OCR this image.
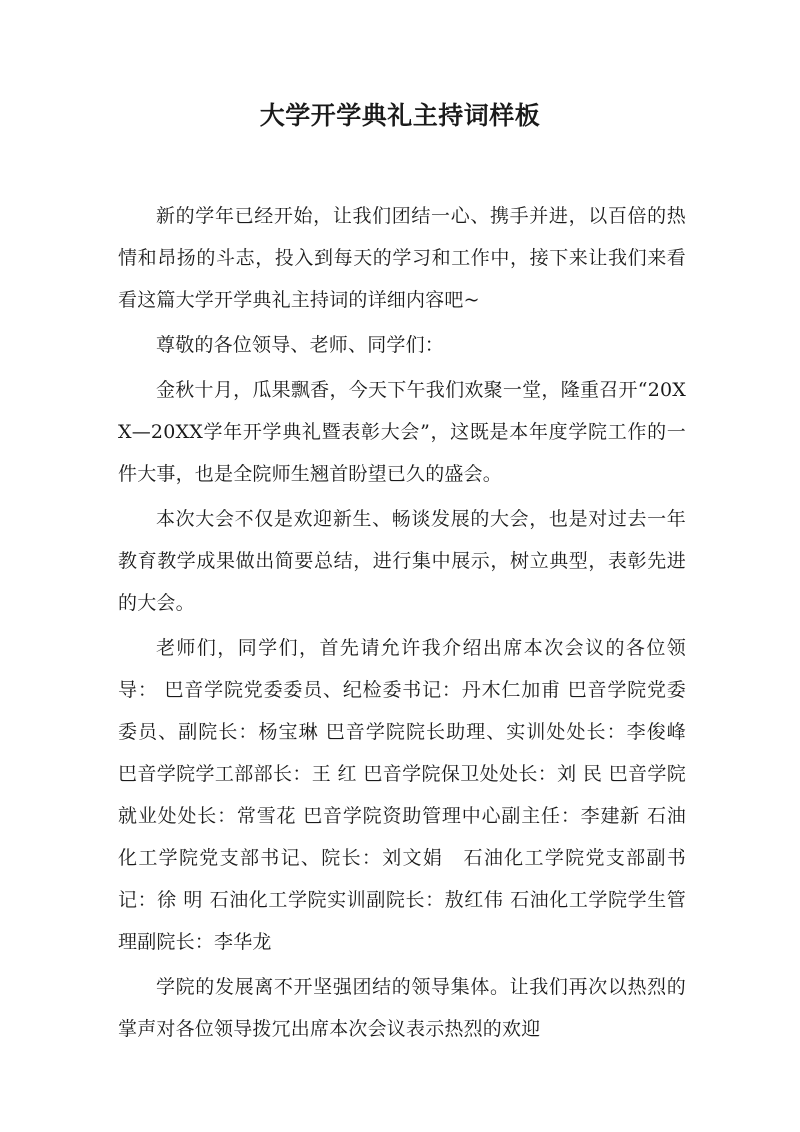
大学开学典礼主持词样板

新的学年已经开始，让我们团结一心、携手并进，以百倍的热情和昂扬的斗志，投入到每天的学习和工作中，接下来让我们来看看这篇大学开学典礼主持词的详细内容吧~

尊敬的各位领导、老师、同学们：

金秋十月，瓜果飘香，今天下午我们欢聚一堂，隆重召开“20XX—20XX学年开学典礼暨表彰大会”，这既是本年度学院工作的一件大事，也是全院师生翘首盼望已久的盛会。

本次大会不仅是欢迎新生、畅谈发展的大会，也是对过去一年教育教学成果做出简要总结，进行集中展示，树立典型，表彰先进的大会。

老师们，同学们，首先请允许我介绍出席本次会议的各位领导： 巴音学院党委委员、纪检委书记：丹木仁加甫 巴音学院党委委员、副院长：杨宝琳 巴音学院院长助理、实训处处长：李俊峰 巴音学院学工部部长：王 红 巴音学院保卫处处长：刘 民 巴音学院就业处处长：常雪花 巴音学院资助管理中心副主任：李建新 石油化工学院党支部书记、院长：刘文娟　石油化工学院党支部副书记：徐 明 石油化工学院实训副院长：敖红伟 石油化工学院学生管理副院长：李华龙

学院的发展离不开坚强团结的领导集体。让我们再次以热烈的掌声对各位领导拨冗出席本次会议表示热烈的欢迎
